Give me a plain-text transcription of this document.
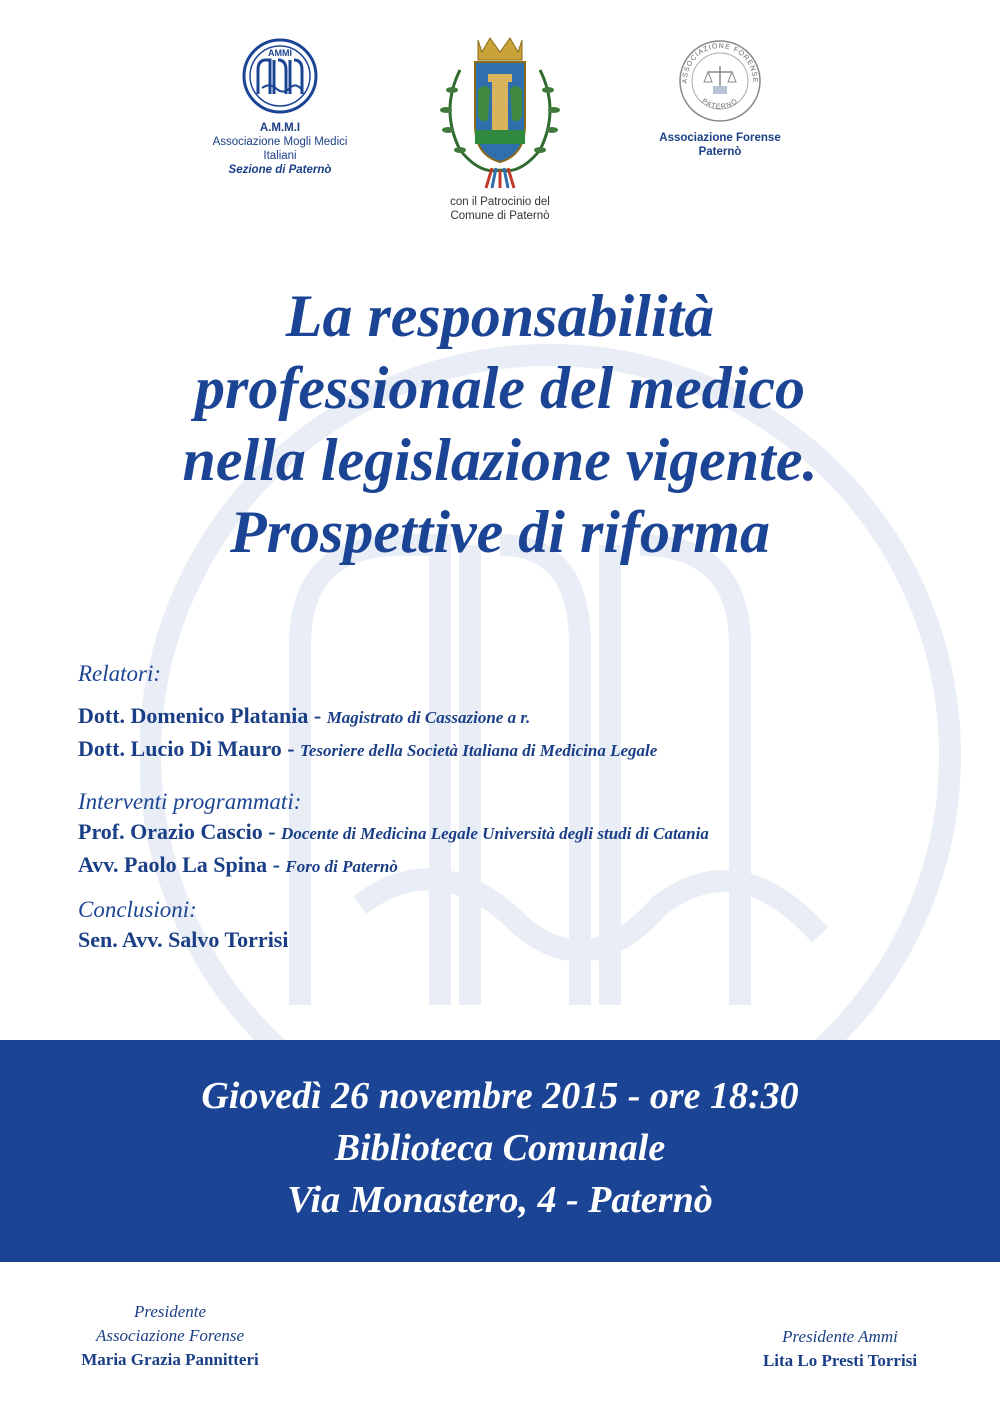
AMMI
A.M.M.I
Associazione Mogli Medici Italiani
Sezione di Paternò
con il Patrocinio del
Comune di Paternò
ASSOCIAZIONE FORENSE
PATERNÒ
Associazione Forense
Paternò
La responsabilità
professionale del medico
nella legislazione vigente.
Prospettive di riforma
Relatori:
Dott. Domenico Platania - Magistrato di Cassazione a r.
Dott. Lucio Di Mauro - Tesoriere della Società Italiana di Medicina Legale
Interventi programmati:
Prof. Orazio Cascio - Docente di Medicina Legale Università degli studi di Catania
Avv. Paolo La Spina - Foro di Paternò
Conclusioni:
Sen. Avv. Salvo Torrisi
Giovedì 26 novembre 2015 - ore 18:30
Biblioteca Comunale
Via Monastero, 4 - Paternò
Presidente
Associazione Forense
Maria Grazia Pannitteri
Presidente Ammi
Lita Lo Presti Torrisi
